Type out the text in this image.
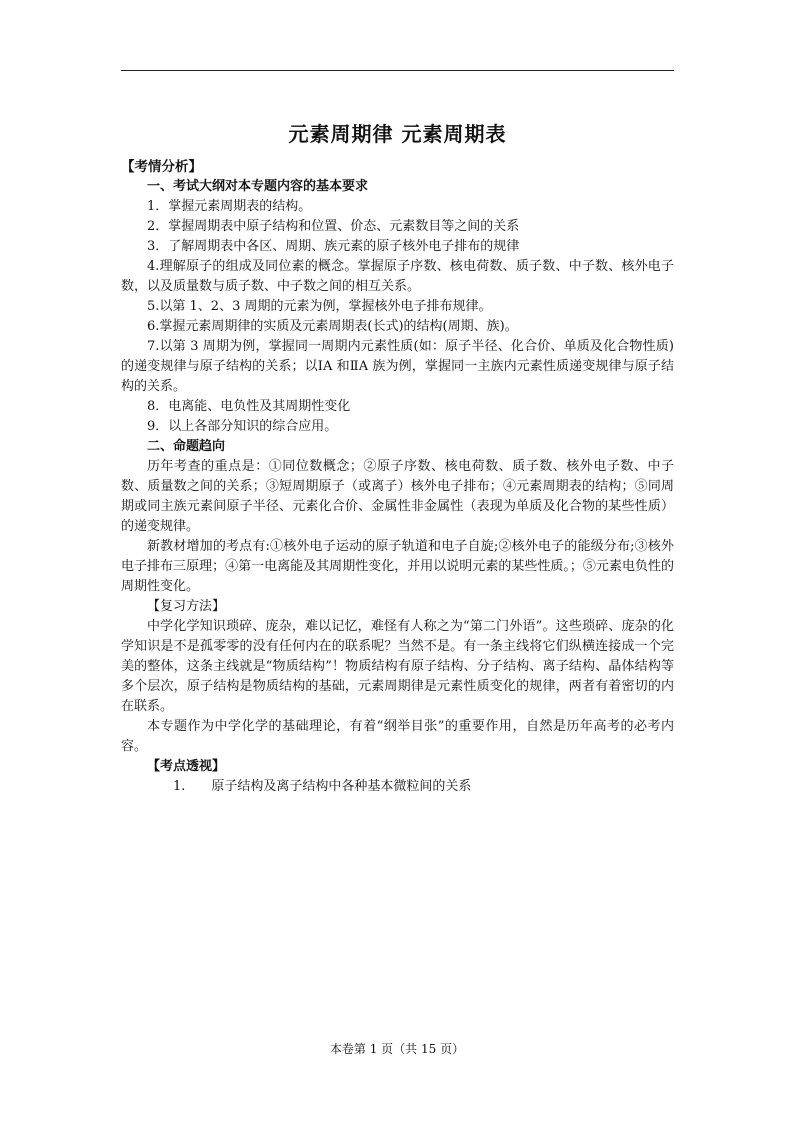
元素周期律 元素周期表

【考情分析】

一、考试大纲对本专题内容的基本要求

1．掌握元素周期表的结构。

2．掌握周期表中原子结构和位置、价态、元素数目等之间的关系

3．了解周期表中各区、周期、族元素的原子核外电子排布的规律

4.理解原子的组成及同位素的概念。掌握原子序数、核电荷数、质子数、中子数、核外电子数，以及质量数与质子数、中子数之间的相互关系。

5.以第 1、2、3 周期的元素为例，掌握核外电子排布规律。

6.掌握元素周期律的实质及元素周期表(长式)的结构(周期、族)。

7.以第 3 周期为例，掌握同一周期内元素性质(如：原子半径、化合价、单质及化合物性质)的递变规律与原子结构的关系；以ⅠA 和ⅡA 族为例，掌握同一主族内元素性质递变规律与原子结构的关系。

8．电离能、电负性及其周期性变化

9．以上各部分知识的综合应用。

二、命题趋向

历年考查的重点是：①同位数概念；②原子序数、核电荷数、质子数、核外电子数、中子数、质量数之间的关系；③短周期原子（或离子）核外电子排布；④元素周期表的结构；⑤同周期或同主族元素间原子半径、元素化合价、金属性非金属性（表现为单质及化合物的某些性质）的递变规律。

新教材增加的考点有:①核外电子运动的原子轨道和电子自旋;②核外电子的能级分布;③核外电子排布三原理；④第一电离能及其周期性变化，并用以说明元素的某些性质。；⑤元素电负性的周期性变化。

【复习方法】

中学化学知识琐碎、庞杂，难以记忆，难怪有人称之为“第二门外语”。这些琐碎、庞杂的化学知识是不是孤零零的没有任何内在的联系呢？当然不是。有一条主线将它们纵横连接成一个完美的整体，这条主线就是“物质结构”！物质结构有原子结构、分子结构、离子结构、晶体结构等多个层次，原子结构是物质结构的基础，元素周期律是元素性质变化的规律，两者有着密切的内在联系。

本专题作为中学化学的基础理论，有着“纲举目张”的重要作用，自然是历年高考的必考内容。

【考点透视】

1.　　原子结构及离子结构中各种基本微粒间的关系

本卷第 1 页（共 15 页）
